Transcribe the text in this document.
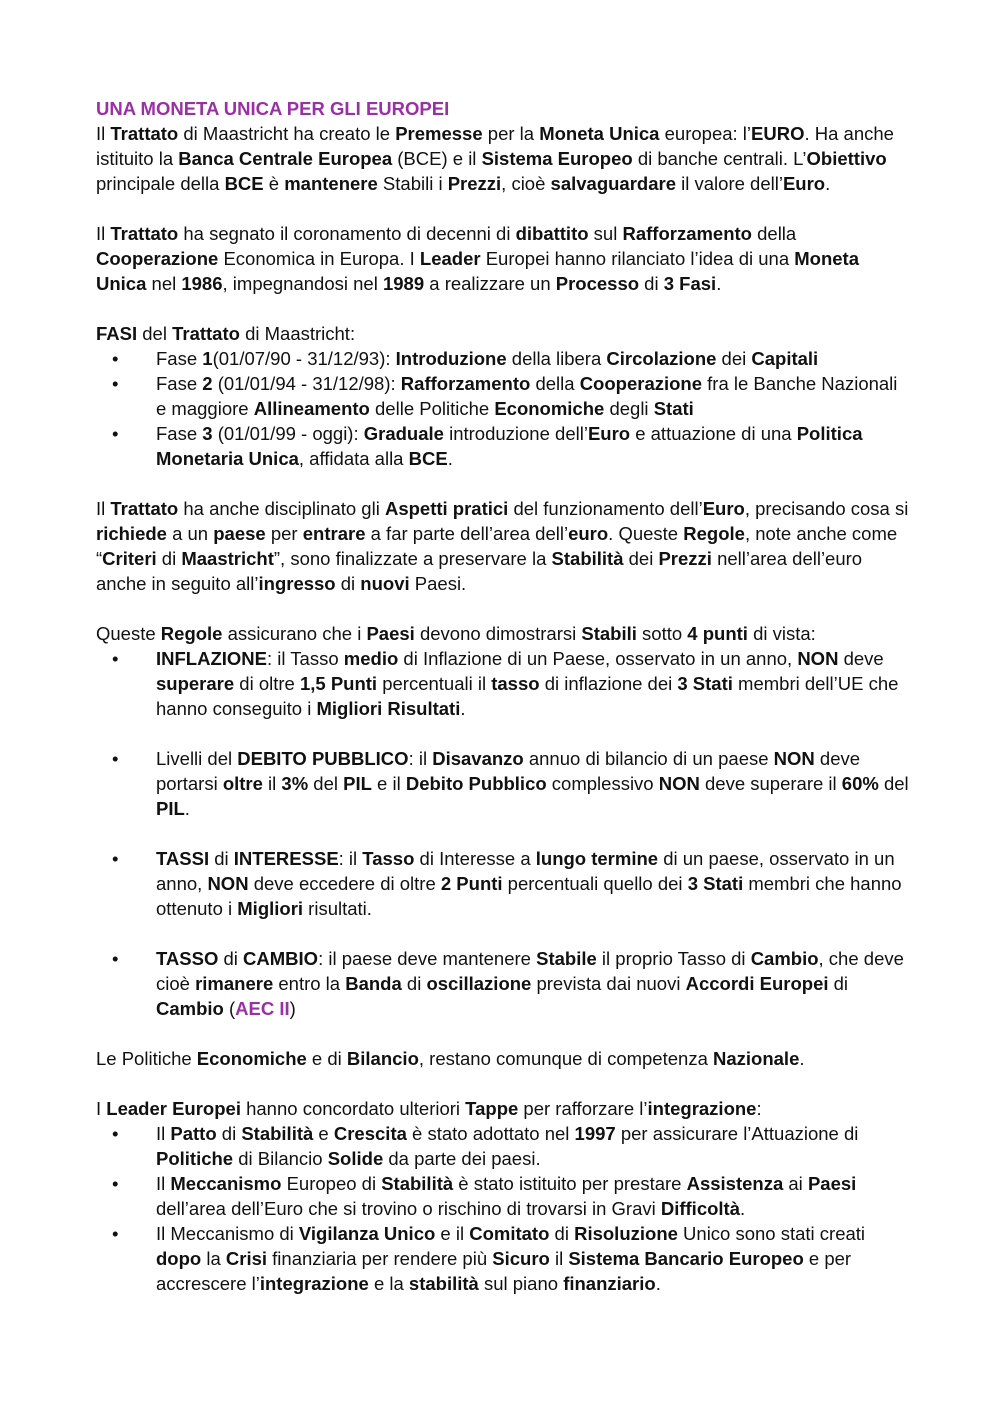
UNA MONETA UNICA PER GLI EUROPEI

Il Trattato di Maastricht ha creato le Premesse per la Moneta Unica europea: l’EURO. Ha anche istituito la Banca Centrale Europea (BCE) e il Sistema Europeo di banche centrali. L’Obiettivo principale della BCE è mantenere Stabili i Prezzi, cioè salvaguardare il valore dell’Euro.

Il Trattato ha segnato il coronamento di decenni di dibattito sul Rafforzamento della Cooperazione Economica in Europa. I Leader Europei hanno rilanciato l’idea di una Moneta Unica nel 1986, impegnandosi nel 1989 a realizzare un Processo di 3 Fasi.

FASI del Trattato di Maastricht:

• Fase 1(01/07/90 - 31/12/93): Introduzione della libera Circolazione dei Capitali
• Fase 2 (01/01/94 - 31/12/98): Rafforzamento della Cooperazione fra le Banche Nazionali e maggiore Allineamento delle Politiche Economiche degli Stati
• Fase 3 (01/01/99 - oggi): Graduale introduzione dell’Euro e attuazione di una Politica Monetaria Unica, affidata alla BCE.

Il Trattato ha anche disciplinato gli Aspetti pratici del funzionamento dell’Euro, precisando cosa si richiede a un paese per entrare a far parte dell’area dell’euro. Queste Regole, note anche come “Criteri di Maastricht”, sono finalizzate a preservare la Stabilità dei Prezzi nell’area dell’euro anche in seguito all’ingresso di nuovi Paesi.

Queste Regole assicurano che i Paesi devono dimostrarsi Stabili sotto 4 punti di vista:

• INFLAZIONE: il Tasso medio di Inflazione di un Paese, osservato in un anno, NON deve superare di oltre 1,5 Punti percentuali il tasso di inflazione dei 3 Stati membri dell’UE che hanno conseguito i Migliori Risultati.
• Livelli del DEBITO PUBBLICO: il Disavanzo annuo di bilancio di un paese NON deve portarsi oltre il 3% del PIL e il Debito Pubblico complessivo NON deve superare il 60% del PIL.
• TASSI di INTERESSE: il Tasso di Interesse a lungo termine di un paese, osservato in un anno, NON deve eccedere di oltre 2 Punti percentuali quello dei 3 Stati membri che hanno ottenuto i Migliori risultati.
• TASSO di CAMBIO: il paese deve mantenere Stabile il proprio Tasso di Cambio, che deve cioè rimanere entro la Banda di oscillazione prevista dai nuovi Accordi Europei di Cambio (AEC II)

Le Politiche Economiche e di Bilancio, restano comunque di competenza Nazionale.

I Leader Europei hanno concordato ulteriori Tappe per rafforzare l’integrazione:

• Il Patto di Stabilità e Crescita è stato adottato nel 1997 per assicurare l’Attuazione di Politiche di Bilancio Solide da parte dei paesi.
• Il Meccanismo Europeo di Stabilità è stato istituito per prestare Assistenza ai Paesi dell’area dell’Euro che si trovino o rischino di trovarsi in Gravi Difficoltà.
• Il Meccanismo di Vigilanza Unico e il Comitato di Risoluzione Unico sono stati creati dopo la Crisi finanziaria per rendere più Sicuro il Sistema Bancario Europeo e per accrescere l’integrazione e la stabilità sul piano finanziario.
